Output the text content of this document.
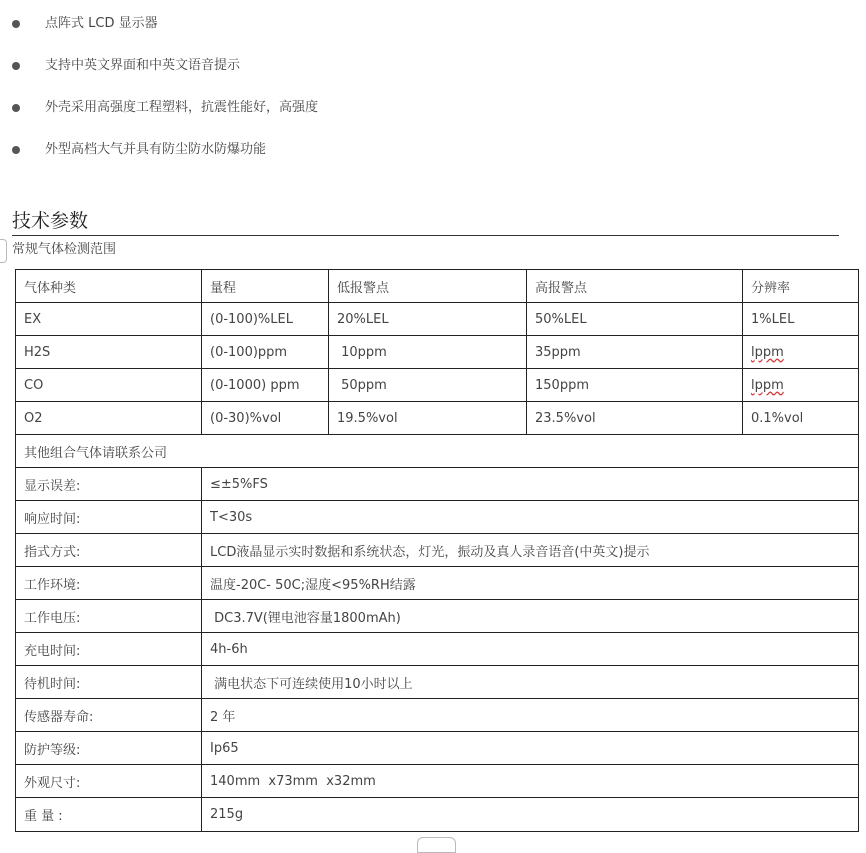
点阵式 LCD 显示器
支持中英文界面和中英文语音提示
外壳采用高强度工程塑料，抗震性能好，高强度
外型高档大气并具有防尘防水防爆功能
技术参数
常规气体检测范围
气体种类	量程	低报警点	高报警点	分辨率
EX	(0-100)%LEL	20%LEL	50%LEL	1%LEL
H2S	(0-100)ppm	10ppm	35ppm	lppm
CO	(0-1000) ppm	50ppm	150ppm	lppm
O2	(0-30)%vol	19.5%vol	23.5%vol	0.1%vol
其他组合气体请联系公司				
显示误差:	≤±5%FS			
响应时间:	T<30s			
指式方式:	LCD液晶显示实时数据和系统状态，灯光，振动及真人录音语音(中英文)提示			
工作环境:	温度-20C- 50C;湿度<95%RH结露			
工作电压:	DC3.7V(锂电池容量1800mAh)			
充电时间:	4h-6h			
待机时间:	满电状态下可连续使用10小时以上			
传感器寿命:	2 年			
防护等级:	Ip65			
外观尺寸:	140mm  x73mm  x32mm			
重 量 :	215g			
